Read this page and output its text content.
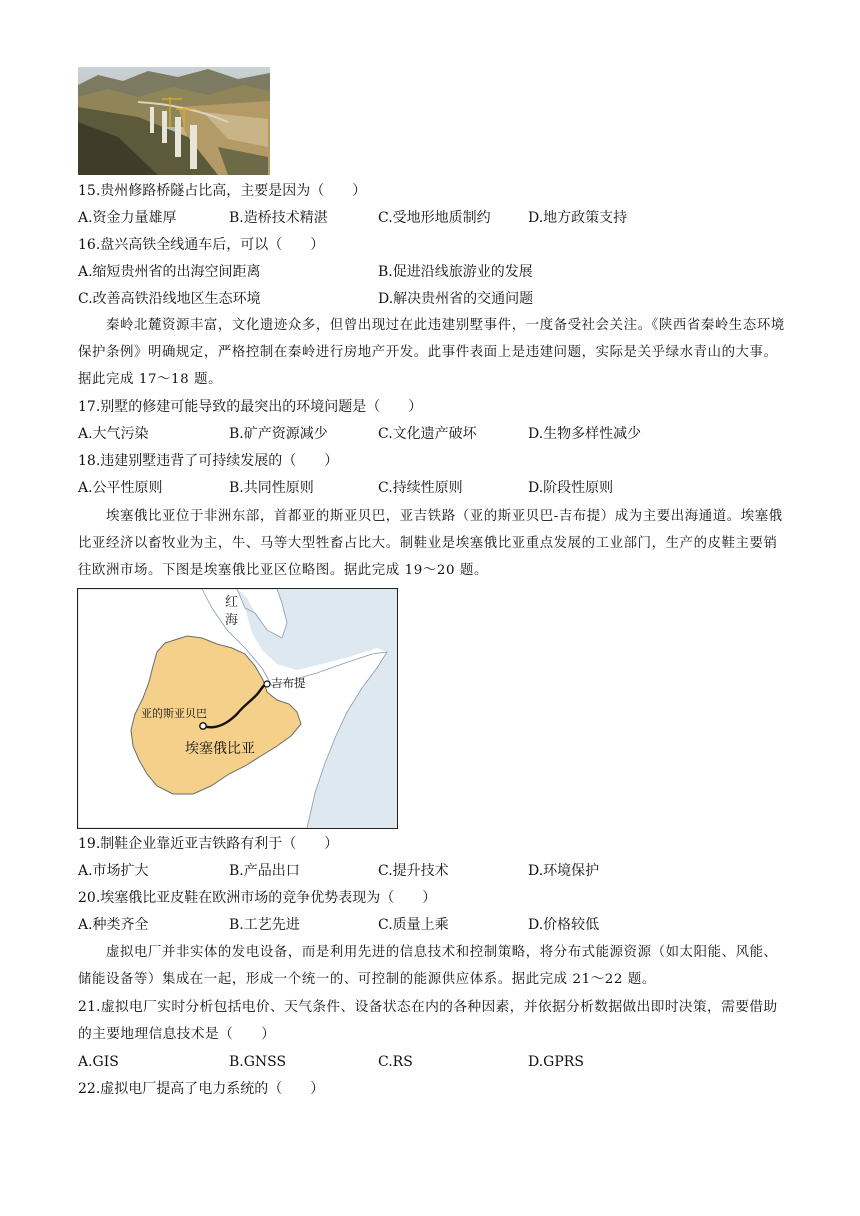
15.贵州修路桥隧占比高，主要是因为（　　）
A.资金力量雄厚	B.造桥技术精湛	C.受地形地质制约	D.地方政策支持
16.盘兴高铁全线通车后，可以（　　）
A.缩短贵州省的出海空间距离	B.促进沿线旅游业的发展
C.改善高铁沿线地区生态环境	D.解决贵州省的交通问题

秦岭北麓资源丰富，文化遗迹众多，但曾出现过在此违建别墅事件，一度备受社会关注。《陕西省秦岭生态环境保护条例》明确规定，严格控制在秦岭进行房地产开发。此事件表面上是违建问题，实际是关乎绿水青山的大事。据此完成 17～18 题。

17.别墅的修建可能导致的最突出的环境问题是（　　）
A.大气污染	B.矿产资源减少	C.文化遗产破坏	D.生物多样性减少
18.违建别墅违背了可持续发展的（　　）
A.公平性原则	B.共同性原则	C.持续性原则	D.阶段性原则

埃塞俄比亚位于非洲东部，首都亚的斯亚贝巴，亚吉铁路（亚的斯亚贝巴-吉布提）成为主要出海通道。埃塞俄比亚经济以畜牧业为主，牛、马等大型牲畜占比大。制鞋业是埃塞俄比亚重点发展的工业部门，生产的皮鞋主要销往欧洲市场。下图是埃塞俄比亚区位略图。据此完成 19～20 题。

红
海
吉布提
亚的斯亚贝巴
埃塞俄比亚
19.制鞋企业靠近亚吉铁路有利于（　　）
A.市场扩大	B.产品出口	C.提升技术	D.环境保护
20.埃塞俄比亚皮鞋在欧洲市场的竞争优势表现为（　　）
A.种类齐全	B.工艺先进	C.质量上乘	D.价格较低

虚拟电厂并非实体的发电设备，而是利用先进的信息技术和控制策略，将分布式能源资源（如太阳能、风能、储能设备等）集成在一起，形成一个统一的、可控制的能源供应体系。据此完成 21～22 题。

21.虚拟电厂实时分析包括电价、天气条件、设备状态在内的各种因素，并依据分析数据做出即时决策，需要借助的主要地理信息技术是（　　）
A.GIS	B.GNSS	C.RS	D.GPRS
22.虚拟电厂提高了电力系统的（　　）
